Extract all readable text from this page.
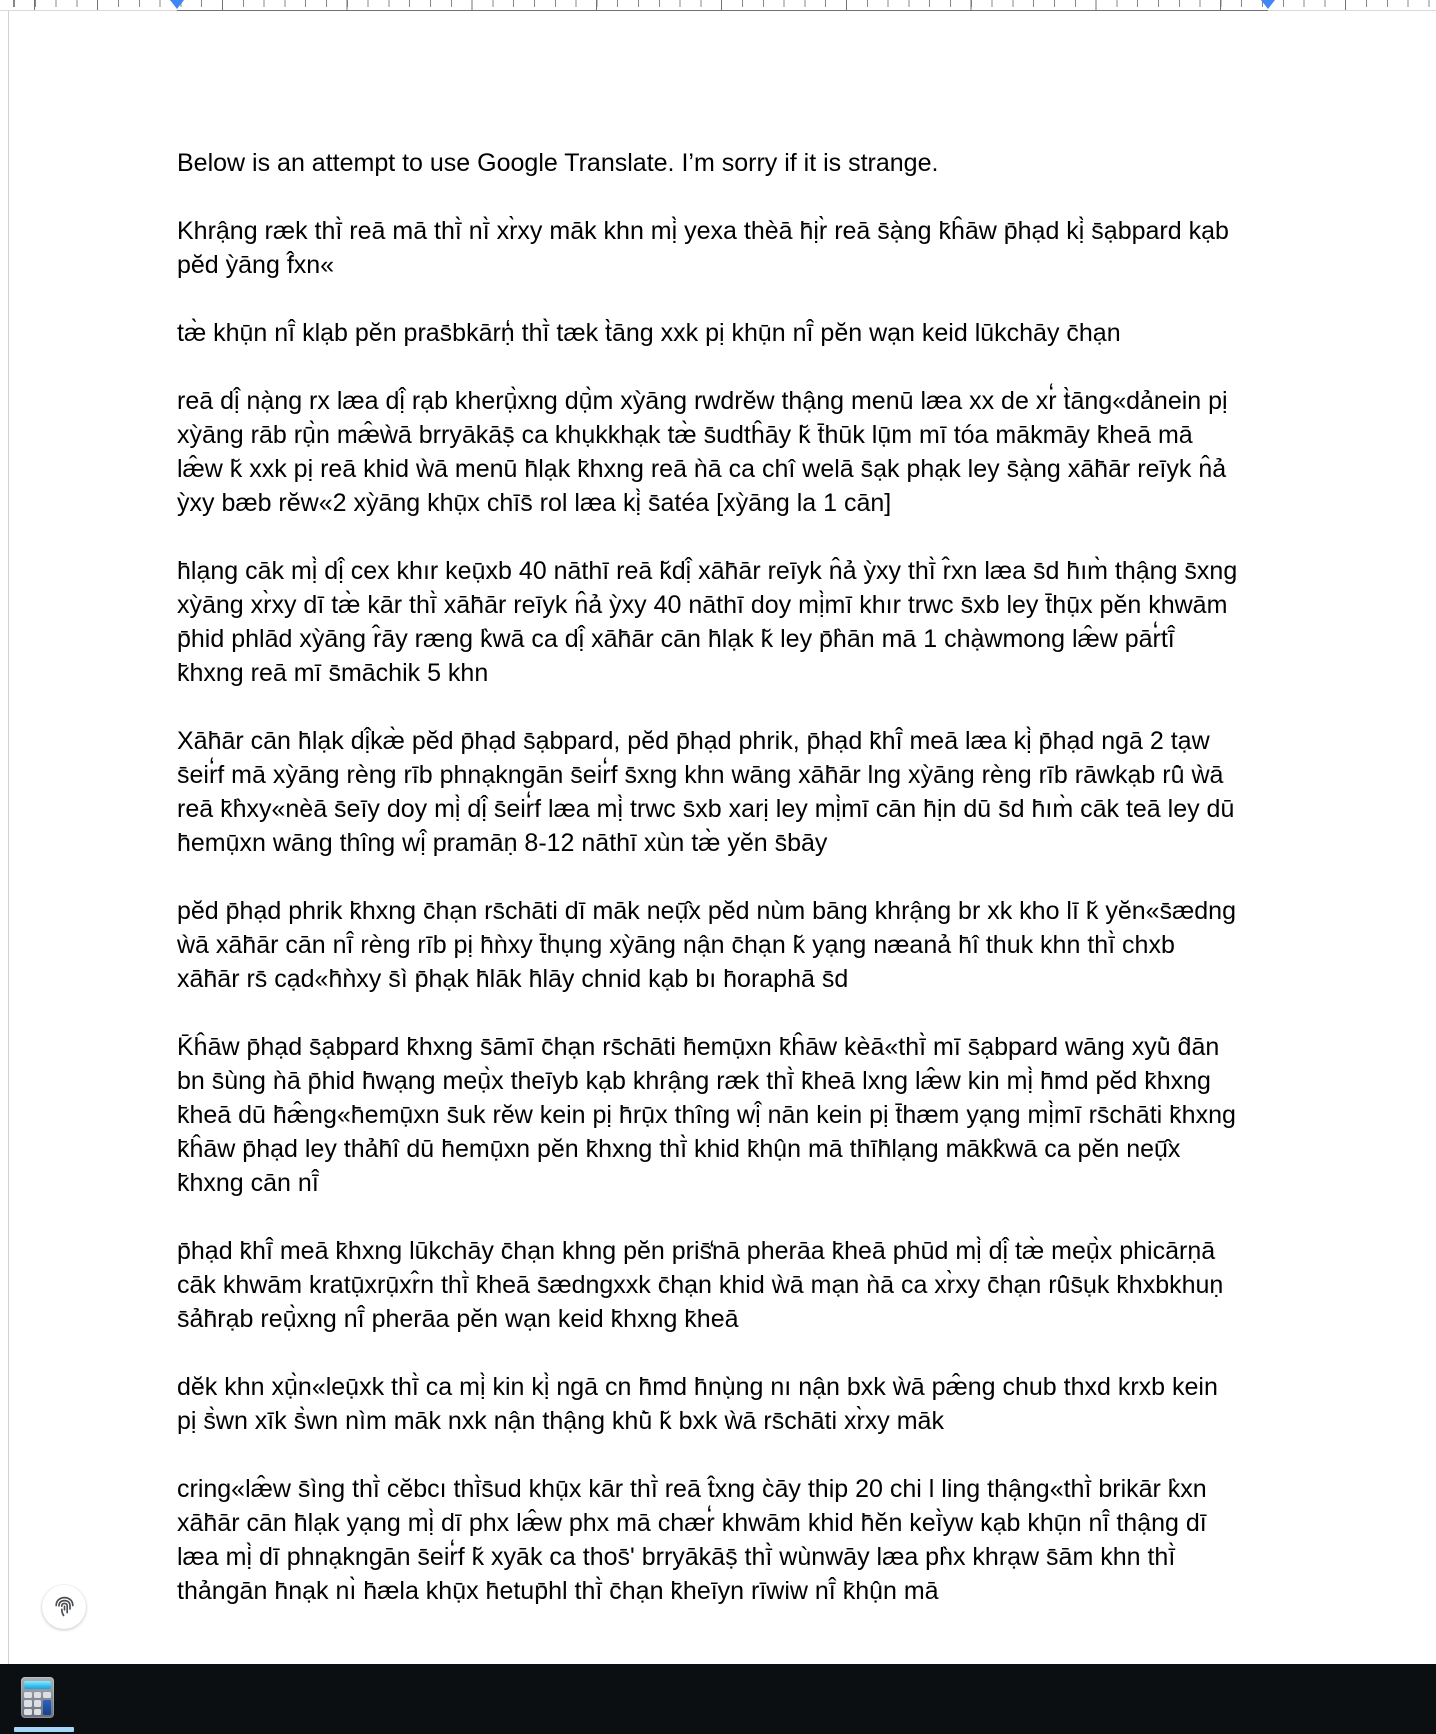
Below is an attempt to use Google Translate. I’m sorry if it is strange.
Khrậng ræk thī̀ reā mā thī̀ nī̀ xr̀xy māk khn mị̀ yexa thèā h̄ịr̀ reā s̄ạ̀ng k̄ĥāw p̄hạd kị̀ s̄ạbpard kạb
pĕd ỳāng f̂xn«
tæ̀ khụ̄n nī̂ klạb pĕn pras̄bkārṇ̒ thī̀ tæk t̀āng xxk pị khụ̄n nī̂ pĕn wạn keid lūkchāy c̄hạn
reā dị̂ nạ̀ng rx læa dị̂ rạb kherụ̄̀xng dụ̄̀m xỳāng rwdrĕw thậng menū læa xx de xr̒ t̀āng«dảnein pị
xỳāng rāb rụ̄̀n mæ̂ẁā brryākāṣ̄ ca khụkkhạk tæ̀ s̄udtĥāy k̆ t̄hūk lụ̄m mī tóa mākmāy k̄heā mā
læ̂w k̆ xxk pị reā khid ẁā menū h̄lạk k̄hxng reā ǹā ca chî welā s̄ạk phạk ley s̄ạ̀ng xāh̄ār reīyk n̂ả
ỳxy bæb rĕw«2 xỳāng khụ̄x chīs̄ rol læa kị̀ s̄atéa [xỳāng la 1 cān]
h̄lạng cāk mị̀ dị̂ cex khır keụ̄xb 40 nāthī reā k̆dị̂ xāh̄ār reīyk n̂ả ỳxy thī̀ r̂xn læa s̄d h̄ım̀ thậng s̄xng
xỳāng xr̀xy dī tæ̀ kār thī̀ xāh̄ār reīyk n̂ả ỳxy 40 nāthī doy mị̀mī khır trwc s̄xb ley t̄hụ̄x pĕn khwām
p̄hid phlād xỳāng r̂āy ræng k̀wā ca dị̂ xāh̄ār cān h̄lạk k̆ ley p̄h̀ān mā 1 chạ̀wmong læ̂w pār̒tī̂
k̄hxng reā mī s̄māchik 5 khn
Xāh̄ār cān h̄lạk dị̂kæ̀ pĕd p̄hạd s̄ạbpard, pĕd p̄hạd phrik, p̄hạd k̄hī̂ meā læa kị̀ p̄hạd ngā 2 tạw
s̄eir̒f mā xỳāng rèng rīb phnạkngān s̄eir̒f s̄xng khn wāng xāh̄ār lng xỳāng rèng rīb rāwkạb rū̂ ẁā
reā k̄h̀xy«nèā s̄eīy doy mị̀ dị̂ s̄eir̒f læa mị̀ trwc s̄xb xarị ley mị̀mī cān h̄ịn dū s̄d h̄ım̀ cāk teā ley dū
h̄emụ̄xn wāng thîng wị̂ pramāṇ 8-12 nāthī xùn tæ̀ yĕn s̄bāy
pĕd p̄hạd phrik k̄hxng c̄hạn rs̄chāti dī māk neụ̄̂x pĕd nùm bāng khrậng br xk kho lī k̆ yĕn«s̄ædng
ẁā xāh̄ār cān nī̂ rèng rīb pị h̄ǹxy t̄hụng xỳāng nận c̄hạn k̆ yạng næanả h̄î thuk khn thī̀ chxb
xāh̄ār rs̄ cạd«h̄ǹxy s̄ì p̄hạk h̄lāk h̄lāy chnid kạb bı h̄oraphā s̄d
K̄ĥāw p̄hạd s̄ạbpard k̄hxng s̄āmī c̄hạn rs̄chāti h̄emụ̄xn k̄ĥāw kèā«thī̀ mī s̄ạbpard wāng xyū̀ d̂ān
bn s̄ùng ǹā p̄hid h̄wạng meụ̄̀x theīyb kạb khrậng ræk thī̀ k̄heā lxng læ̂w kin mị̀ h̄md pĕd k̄hxng
k̄heā dū h̄æ̂ng«h̄emụ̄xn s̄uk rĕw kein pị h̄rụ̄x thîng wị̂ nān kein pị t̄hæm yạng mị̀mī rs̄chāti k̄hxng
k̄ĥāw p̄hạd ley thảh̄î dū h̄emụ̄xn pĕn k̄hxng thī̀ khid k̄hụ̂n mā thīh̄lạng mākk̀wā ca pĕn neụ̄̂x
k̄hxng cān nī̂
p̄hạd k̄hī̂ meā k̄hxng lūkchāy c̄hạn khng pĕn pris̄̒nā pherāa k̄heā phūd mị̀ dị̂ tæ̀ meụ̄̀x phicārṇā
cāk khwām kratụ̄xrụ̄xr̂n thī̀ k̄heā s̄ædngxxk c̄hạn khid ẁā mạn ǹā ca xr̀xy c̄hạn rū̂s̄ụk k̄hxbkhuṇ
s̄ảh̄rạb reụ̄̀xng nī̂ pherāa pĕn wạn keid k̄hxng k̄heā
dĕk khn xụ̄̀n«leụ̄xk thī̀ ca mị̀ kin kị̀ ngā cn h̄md h̄nụ̀ng nı nận bxk ẁā pæ̂ng chub thxd krxb kein
pị s̄̀wn xīk s̄̀wn nìm māk nxk nận thậng khū̀ k̆ bxk ẁā rs̄chāti xr̀xy māk
cring«læ̂w s̄ìng thī̀ cĕbcı thī̀s̄ud khụ̄x kār thī̀ reā t̂xng c̀āy thip 20 chi l ling thậng«thī̀ brikār k̀xn
xāh̄ār cān h̄lạk yạng mị̀ dī phx læ̂w phx mā chær̒ khwām khid h̄ĕn keī̀yw kạb khụ̄n nī̂ thậng dī
læa mị̀ dī phnạkngān s̄eir̒f k̆ xyāk ca thos̄' brryākāṣ̄ thī̀ wùnwāy læa ph̀x khrạw s̄ām khn thī̀
thảngān h̄nạk nı̀ h̄æla khụ̄x h̄etup̄hl thī̀ c̄hạn k̄heīyn rīwiw nī̂ k̄hụ̂n mā
